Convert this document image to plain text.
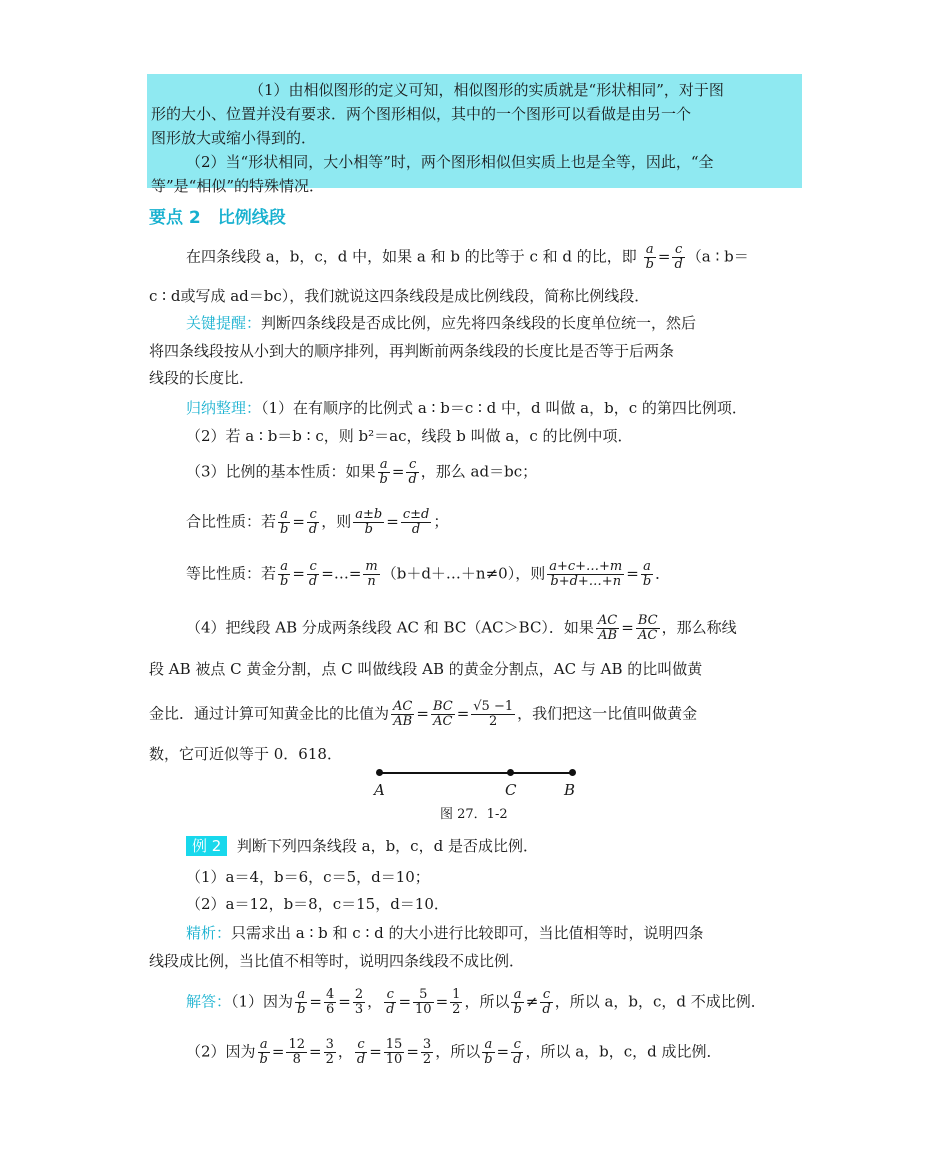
（1）由相似图形的定义可知，相似图形的实质就是“形状相同”，对于图
形的大小、位置并没有要求．两个图形相似，其中的一个图形可以看做是由另一个
图形放大或缩小得到的．
（2）当“形状相同，大小相等”时，两个图形相似但实质上也是全等，因此，“全
等”是“相似”的特殊情况．
要点 2　比例线段
在四条线段 a，b，c，d 中，如果 a 和 b 的比等于 c 和 d 的比，即 $\frac{a}{b} = \frac{c}{d} (a$ ∶ b＝
c ∶ d或写成 ad＝bc），我们就说这四条线段是成比例线段，简称比例线段．
关键提醒：判断四条线段是否成比例，应先将四条线段的长度单位统一，然后
将四条线段按从小到大的顺序排列，再判断前两条线段的长度比是否等于后两条
线段的长度比．
归纳整理：（1）在有顺序的比例式 a ∶ b＝c ∶ d 中，d 叫做 a，b，c 的第四比例项．
（2）若 a ∶ b＝b ∶ c，则 b²＝ac，线段 b 叫做 a，c 的比例中项．
（3）比例的基本性质：如果 $\frac{a}{b} = \frac{c}{d}$ ，那么 ad＝bc；
合比性质：若 $\frac{a}{b} = \frac{c}{d}$ ，则 $\frac{a\pm b}{b} = \frac{c\pm d}{d}$ ；
等比性质：若 $\frac{a}{b} = \frac{c}{d}$ =…= $\frac{m}{n}$ （b＋d＋…＋n≠0），则 $\frac{a+c+\dots+m}{b+d+\dots+n} = \frac{a}{b}$ ．
（4）把线段 AB 分成两条线段 AC 和 BC（AC＞BC）．如果 $\frac{AC}{AB} = \frac{BC}{AC}$ ，那么称线
段 AB 被点 C 黄金分割，点 C 叫做线段 AB 的黄金分割点，AC 与 AB 的比叫做黄
金比．通过计算可知黄金比的比值为 $\frac{AC}{AB} = \frac{BC}{AC} = \frac{√5 -1}{2}$ ，我们把这一比值叫做黄金
数，它可近似等于 0．618．
A	C	B
图 27．1-2
例 2 判断下列四条线段 a，b，c，d 是否成比例．
（1）a＝4，b＝6，c＝5，d＝10；
（2）a＝12，b＝8，c＝15，d＝10．
精析：只需求出 a ∶ b 和 c ∶ d 的大小进行比较即可，当比值相等时，说明四条
线段成比例，当比值不相等时，说明四条线段不成比例．
解答：（1）因为 $\frac{a}{b} = \frac{4}{6} = \frac{2}{3}$ ， $\frac{c}{d} = \frac{5}{10} = \frac{1}{2}$ ，所以 $\frac{a}{b} \ne \frac{c}{d}$ ，所以 a，b，c，d 不成比例．
（2）因为 $\frac{a}{b} = \frac{12}{8} = \frac{3}{2}$ ， $\frac{c}{d} = \frac{15}{10} = \frac{3}{2}$ ，所以 $\frac{a}{b} = \frac{c}{d}$ ，所以 a，b，c，d 成比例．
